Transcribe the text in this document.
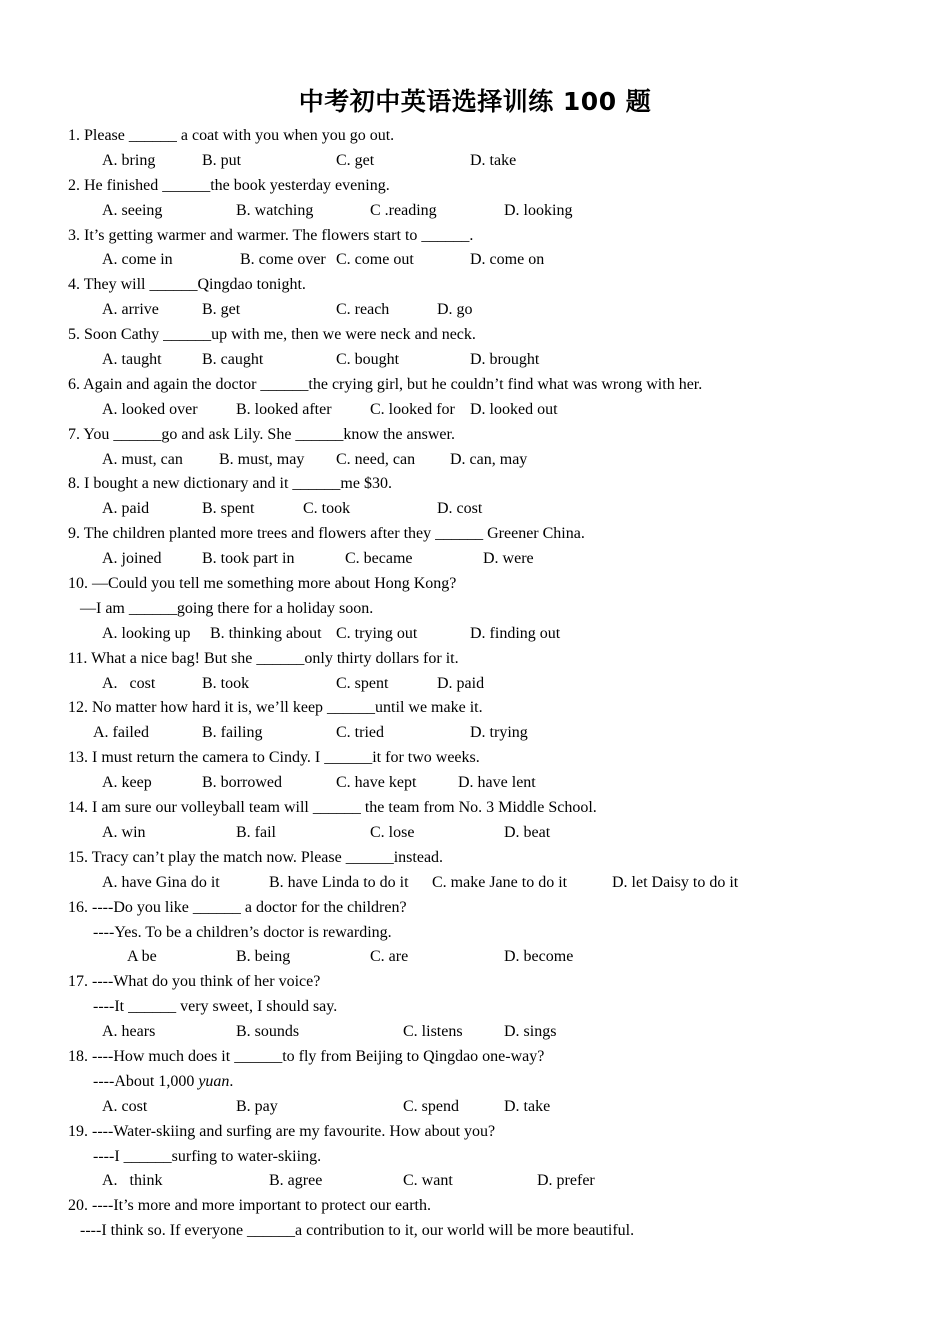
中考初中英语选择训练 100 题
1. Please ______ a coat with you when you go out.

A. bring

	B. put

	C. get

	D. take

2. He finished ______the book yesterday evening.

A. seeing

	B. watching

	C .reading

	D. looking

3. It’s getting warmer and warmer. The flowers start to ______.

A. come in

	B. come over

C. come out

	D. come on

4. They will ______Qingdao tonight.

A. arrive

	B. get

	C. reach

	D. go

5. Soon Cathy ______up with me, then we were neck and neck.

A. taught

	B. caught

	C. bought

	D. brought

6. Again and again the doctor ______the crying girl, but he couldn’t find what was wrong with her.

A. looked over

B. looked after

C. looked for

D. looked out

7. You ______go and ask Lily. She ______know the answer.

A. must, can

B. must, may

C. need, can

D. can, may

8. I bought a new dictionary and it ______me $30.

A. paid

	B. spent

	C. took

	D. cost

9. The children planted more trees and flowers after they ______ Greener China.

A. joined

	B. took part in

	C. became

	D. were

10. —Could you tell me something more about Hong Kong?
—I am ______going there for a holiday soon.

A. looking up

B. thinking about

C. trying out

	D. finding out

11. What a nice bag! But she ______only thirty dollars for it.

A.   cost

	B. took

	C. spent

	D. paid

12. No matter how hard it is, we’ll keep ______until we make it.

A. failed

	B. failing

	C. tried

	D. trying

13. I must return the camera to Cindy. I ______it for two weeks.

A. keep

	B. borrowed

	C. have kept

	D. have lent

14. I am sure our volleyball team will ______ the team from No. 3 Middle School.

A. win

	B. fail

	C. lose

	D. beat

15. Tracy can’t play the match now. Please ______instead.

A. have Gina do it

	B. have Linda to do it

C. make Jane to do it

	D. let Daisy to do it

16. ----Do you like ______ a doctor for the children?
----Yes. To be a children’s doctor is rewarding.

A be

	B. being

	C. are

	D. become

17. ----What do you think of her voice?
----It ______ very sweet, I should say.

A. hears

	B. sounds

	C. listens

	D. sings

18. ----How much does it ______to fly from Beijing to Qingdao one-way?
----About 1,000 yuan.

A. cost

	B. pay

	C. spend

	D. take

19. ----Water-skiing and surfing are my favourite. How about you?
----I ______surfing to water-skiing.

A.   think

	B. agree

	C. want

	D. prefer

20. ----It’s more and more important to protect our earth.
----I think so. If everyone ______a contribution to it, our world will be more beautiful.
